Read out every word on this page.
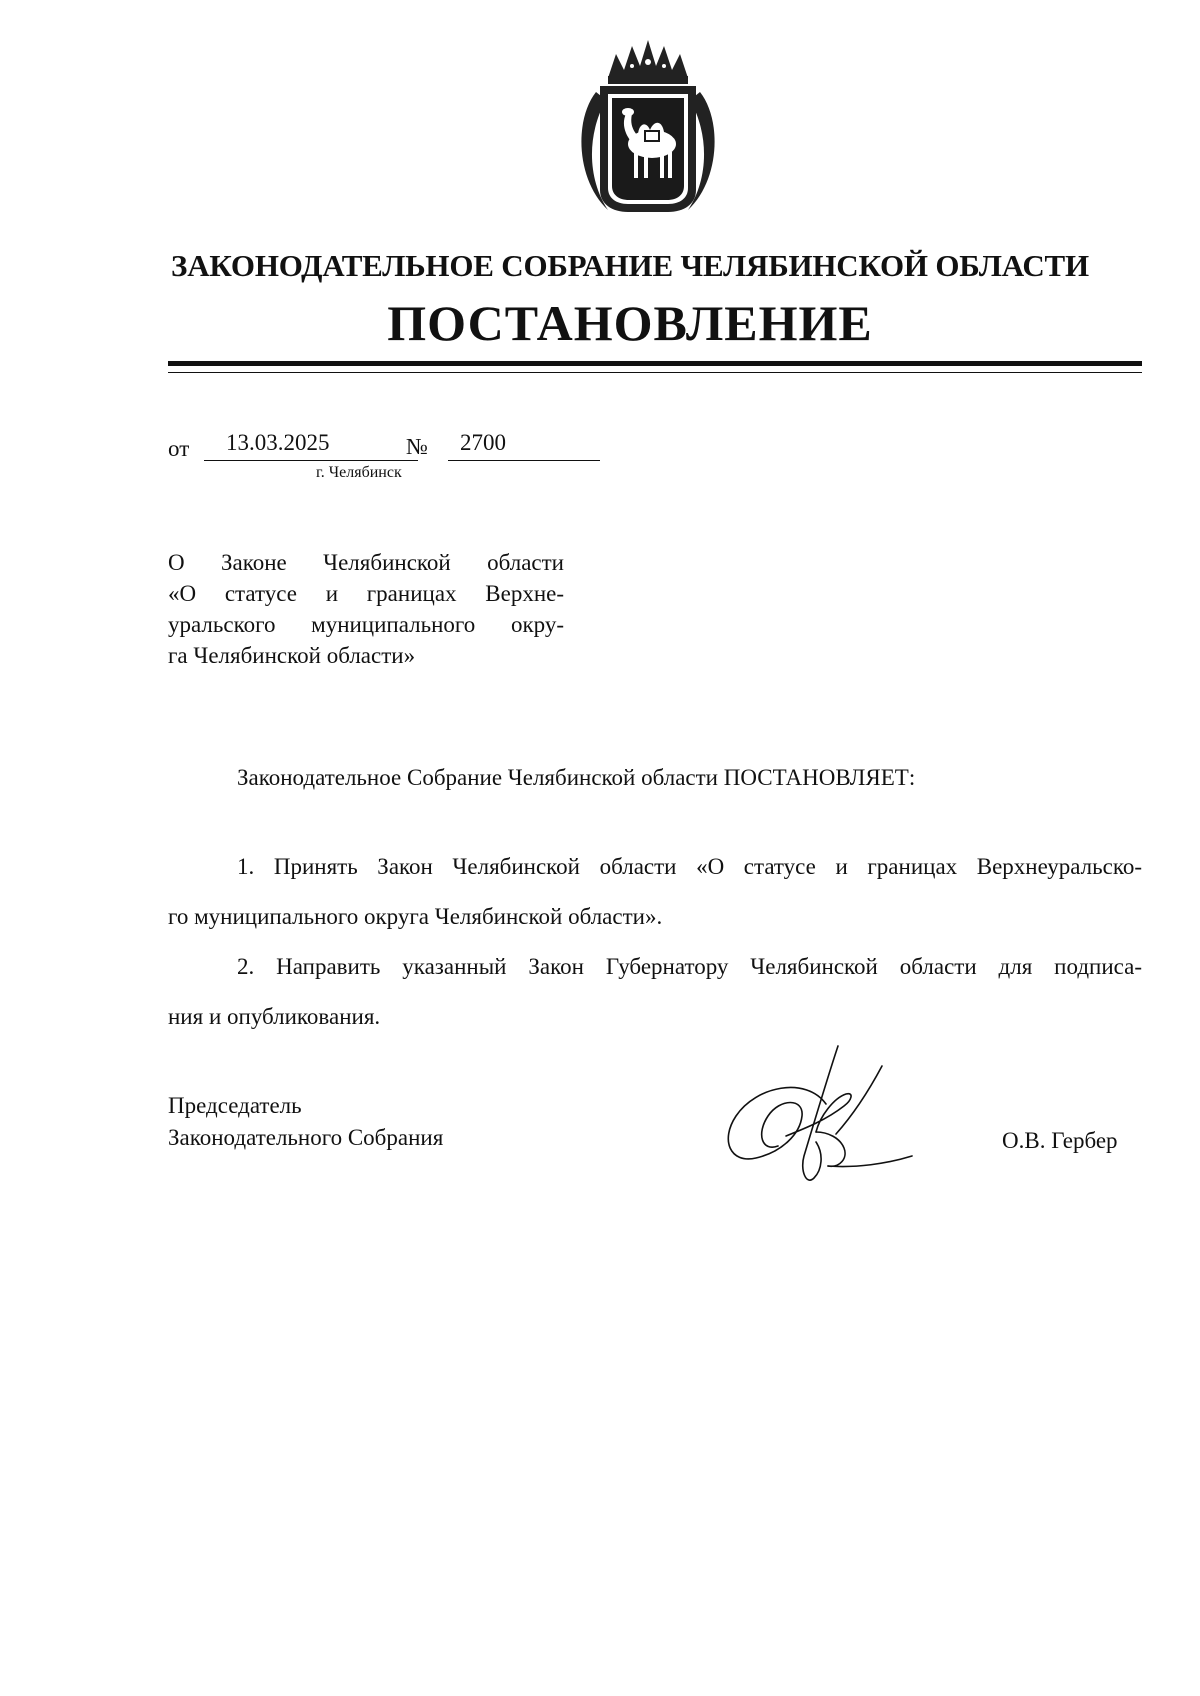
ЗАКОНОДАТЕЛЬНОЕ СОБРАНИЕ ЧЕЛЯБИНСКОЙ ОБЛАСТИ
ПОСТАНОВЛЕНИЕ
от 13.03.2025	№ 2700
г. Челябинск
О Законе Челябинской области
«О статусе и границах Верхне-
уральского муниципального окру-
га Челябинской области»
Законодательное Собрание Челябинской области ПОСТАНОВЛЯЕТ:
1. Принять Закон Челябинской области «О статусе и границах Верхнеуральско-
го муниципального округа Челябинской области».
2. Направить указанный Закон Губернатору Челябинской области для подписа-
ния и опубликования.
Председатель
Законодательного Собрания	О.В. Гербер
